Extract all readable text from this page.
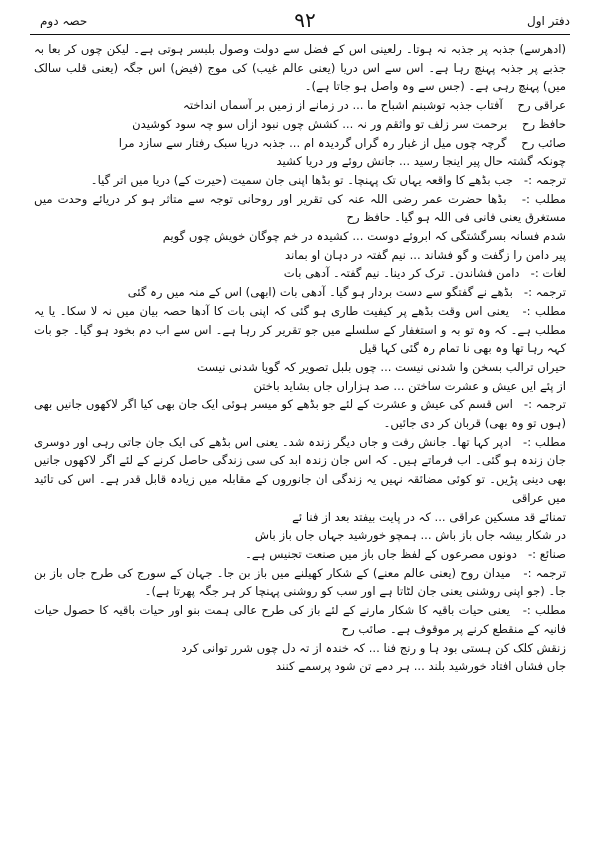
دفتر اول
۹۲
حصہ دوم
(ادھرسے) جذبہ پر جذبہ نہ ہوتا۔ رلعینی اس کے فضل سے دولت وصول بلبسر ہوتی ہے۔ لیکن چوں کر بعا بہ جذبے پر جذبہ پہنچ رہا ہے۔ اس سے اس دریا (یعنی عالم غیب) کی موج (فیض) اس جگہ (یعنی قلب سالک میں) پہنچ رہی ہے۔ (جس سے وہ واصل ہو جاتا ہے)۔
عراقی رح    آفتاب جذبہ توشبنم اشباح ما ... در زمانے از زمیں بر آسماں انداختہ
حافظ رح    برحمت سر زلف تو واثقم ور نہ ... کشش چوں نبود ازاں سو چہ سود کوشیدن
صائب رح    گرچہ چوں میل از غبار رہ گراں گردیدہ ام ... جذبہ دریا سبک رفتار سے سازد مرا
چونکہ گشتہ حال پیر اینجا رسید ... جانش روئے ور دریا کشید
ترجمہ :-   جب بڈھے کا واقعہ یہاں تک پہنچا۔ تو بڈھا اپنی جان سمیت (حیرت کے) دریا میں اتر گیا۔
مطلب :-   بڈھا حضرت عمر رضی اللہ عنہ کی تقریر اور روحانی توجہ سے متاثر ہو کر دریائے وحدت میں مستغرق یعنی فانی فی اللہ ہو گیا۔ حافظ رح
شدم فسانہ بسرگشتگی کہ ابروئے دوست ... کشیدہ در خم چوگان خویش چوں گویم
پیر دامن را زگفت و گو فشاند ... نیم گفتہ در دہان او بماند
لغات :-   دامن فشاندن۔ ترک کر دینا۔ نیم گفتہ۔ آدھی بات
ترجمہ :-   بڈھے نے گفتگو سے دست بردار ہو گیا۔ آدھی بات (ابھی) اس کے منہ میں رہ گئی
مطلب :-   یعنی اس وقت بڈھے پر کیفیت طاری ہو گئی کہ اپنی بات کا آدھا حصہ بیان میں نہ لا سکا۔ یا یہ مطلب ہے۔ کہ وہ تو بہ و استغفار کے سلسلے میں جو تقریر کر رہا ہے۔ اس سے اب دم بخود ہو گیا۔ جو بات کہہ رہا تھا وہ بھی نا تمام رہ گئی کہا قیل
حیراں ترالب بسخن وا شدنی نیست ... چوں بلبل تصویر کہ گویا شدنی نیست
از پئے ایں عیش و عشرت ساختن ... صد ہزاراں جاں بشاید باختن
ترجمہ :-   اس قسم کی عیش و عشرت کے لئے جو بڈھے کو میسر ہوئی ایک جان بھی کیا اگر لاکھوں جانیں بھی (ہوں تو وہ بھی) قربان کر دی جائیں۔
مطلب :-   ادپر کہا تھا۔ جانش رفت و جاں دیگر زندہ شد۔ یعنی اس بڈھے کی ایک جان جاتی رہی اور دوسری جان زندہ ہو گئی۔ اب فرماتے ہیں۔ کہ اس جان زندہ ابد کی سی زندگی حاصل کرنے کے لئے اگر لاکھوں جانیں بھی دینی پڑیں۔ تو کوئی مضائقہ نہیں یہ زندگی ان جانوروں کے مقابلہ میں زیادہ قابل قدر ہے۔ اس کی تائید میں عراقی
تمنائے قد مسکین عراقی ... کہ در پایت بیفتد بعد از فنا ئے
در شکار بیشہ جاں باز باش ... ہمچو خورشید جہاں جاں باز باش
صنائع :-   دونوں مصرعوں کے لفظ جاں باز میں صنعت تجنیس ہے۔
ترجمہ :-   میدان روح (یعنی عالم معنے) کے شکار کھیلنے میں باز بن جا۔ جہان کے سورج کی طرح جاں باز بن جا۔ (جو اپنی روشنی یعنی جان لٹاتا ہے اور سب کو روشنی پہنچا کر ہر جگہ پھرتا ہے)۔
مطلب :-   یعنی حیات باقیہ کا شکار مارنے کے لئے باز کی طرح عالی ہمت بنو اور حیات باقیہ کا حصول حیات فانیہ کے منقطع کرنے پر موقوف ہے۔ صائب رح
زنقش کلک کن ہستی بود ہا و رنج فنا ... کہ خندہ از تہ دل چوں شرر توانی کرد
جاں فشاں افتاد خورشید بلند ... ہر دمے تن شود پرسمے کنند
